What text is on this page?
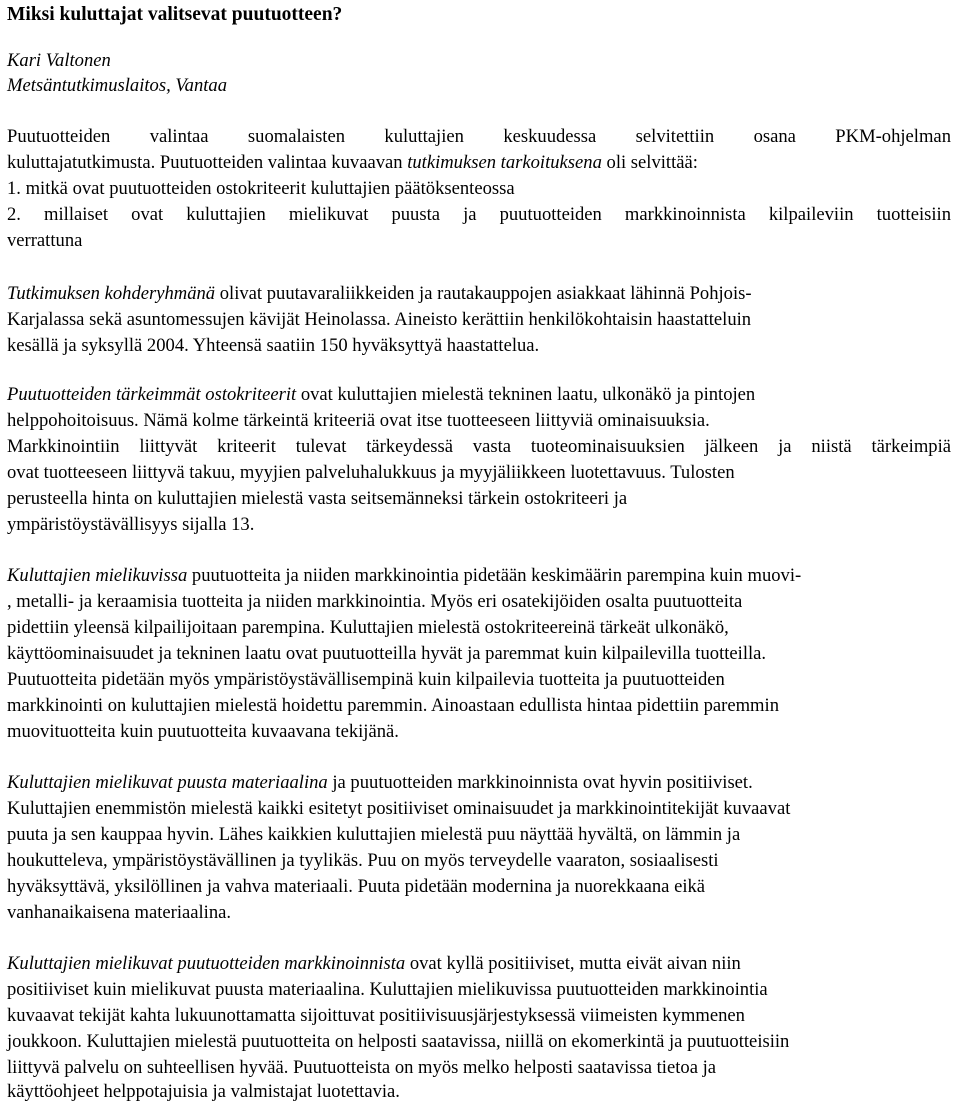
Miksi kuluttajat valitsevat puutuotteen?
Kari Valtonen
Metsäntutkimuslaitos, Vantaa
Puutuotteiden valintaa suomalaisten kuluttajien keskuudessa selvitettiin osana PKM-ohjelman
kuluttajatutkimusta. Puutuotteiden valintaa kuvaavan tutkimuksen tarkoituksena oli selvittää:
1. mitkä ovat puutuotteiden ostokriteerit kuluttajien päätöksenteossa
2. millaiset ovat kuluttajien mielikuvat puusta ja puutuotteiden markkinoinnista kilpaileviin tuotteisiin
verrattuna
Tutkimuksen kohderyhmänä olivat puutavaraliikkeiden ja rautakauppojen asiakkaat lähinnä Pohjois-
Karjalassa sekä asuntomessujen kävijät Heinolassa. Aineisto kerättiin henkilökohtaisin haastatteluin
kesällä ja syksyllä 2004. Yhteensä saatiin 150 hyväksyttyä haastattelua.
Puutuotteiden tärkeimmät ostokriteerit ovat kuluttajien mielestä tekninen laatu, ulkonäkö ja pintojen
helppohoitoisuus. Nämä kolme tärkeintä kriteeriä ovat itse tuotteeseen liittyviä ominaisuuksia.
Markkinointiin liittyvät kriteerit tulevat tärkeydessä vasta tuoteominaisuuksien jälkeen ja niistä tärkeimpiä
ovat tuotteeseen liittyvä takuu, myyjien palveluhalukkuus ja myyjäliikkeen luotettavuus. Tulosten
perusteella hinta on kuluttajien mielestä vasta seitsemänneksi tärkein ostokriteeri ja
ympäristöystävällisyys sijalla 13.
Kuluttajien mielikuvissa puutuotteita ja niiden markkinointia pidetään keskimäärin parempina kuin muovi-
, metalli- ja keraamisia tuotteita ja niiden markkinointia. Myös eri osatekijöiden osalta puutuotteita
pidettiin yleensä kilpailijoitaan parempina. Kuluttajien mielestä ostokriteereinä tärkeät ulkonäkö,
käyttöominaisuudet ja tekninen laatu ovat puutuotteilla hyvät ja paremmat kuin kilpailevilla tuotteilla.
Puutuotteita pidetään myös ympäristöystävällisempinä kuin kilpailevia tuotteita ja puutuotteiden
markkinointi on kuluttajien mielestä hoidettu paremmin. Ainoastaan edullista hintaa pidettiin paremmin
muovituotteita kuin puutuotteita kuvaavana tekijänä.
Kuluttajien mielikuvat puusta materiaalina ja puutuotteiden markkinoinnista ovat hyvin positiiviset.
Kuluttajien enemmistön mielestä kaikki esitetyt positiiviset ominaisuudet ja markkinointitekijät kuvaavat
puuta ja sen kauppaa hyvin. Lähes kaikkien kuluttajien mielestä puu näyttää hyvältä, on lämmin ja
houkutteleva, ympäristöystävällinen ja tyylikäs. Puu on myös terveydelle vaaraton, sosiaalisesti
hyväksyttävä, yksilöllinen ja vahva materiaali. Puuta pidetään modernina ja nuorekkaana eikä
vanhanaikaisena materiaalina.
Kuluttajien mielikuvat puutuotteiden markkinoinnista ovat kyllä positiiviset, mutta eivät aivan niin
positiiviset kuin mielikuvat puusta materiaalina. Kuluttajien mielikuvissa puutuotteiden markkinointia
kuvaavat tekijät kahta lukuunottamatta sijoittuvat positiivisuusjärjestyksessä viimeisten kymmenen
joukkoon. Kuluttajien mielestä puutuotteita on helposti saatavissa, niillä on ekomerkintä ja puutuotteisiin
liittyvä palvelu on suhteellisen hyvää. Puutuotteista on myös melko helposti saatavissa tietoa ja
käyttöohjeet helppotajuisia ja valmistajat luotettavia.
